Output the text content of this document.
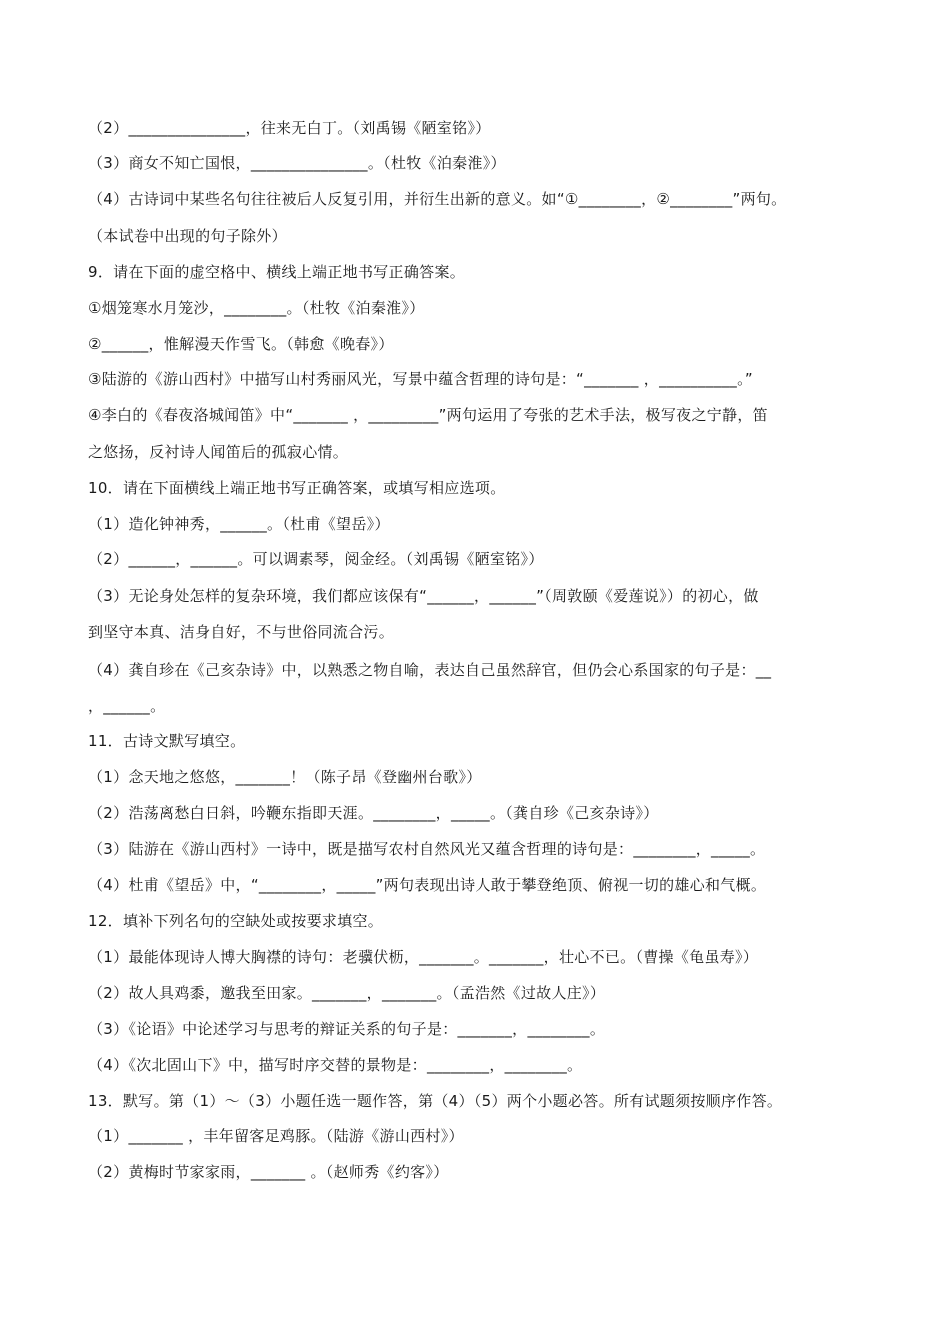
（2）_______________，往来无白丁。（刘禹锡《陋室铭》）
（3）商女不知亡国恨，_______________。（杜牧《泊秦淮》）
（4）古诗词中某些名句往往被后人反复引用，并衍生出新的意义。如“①________，②________”两句。
（本试卷中出现的句子除外）
9．请在下面的虚空格中、横线上端正地书写正确答案。
①烟笼寒水月笼沙，________。（杜牧《泊秦淮》）
②______，惟解漫天作雪飞。（韩愈《晚春》）
③陆游的《游山西村》中描写山村秀丽风光，写景中蕴含哲理的诗句是：“_______ ，__________。”
④李白的《春夜洛城闻笛》中“_______ ，_________”两句运用了夸张的艺术手法，极写夜之宁静，笛
之悠扬，反衬诗人闻笛后的孤寂心情。
10．请在下面横线上端正地书写正确答案，或填写相应选项。
（1）造化钟神秀，______。（杜甫《望岳》）
（2）______，______。可以调素琴，阅金经。（刘禹锡《陋室铭》）
（3）无论身处怎样的复杂环境，我们都应该保有“______，______”（周敦颐《爱莲说》）的初心，做
到坚守本真、洁身自好，不与世俗同流合污。
（4）龚自珍在《己亥杂诗》中，以熟悉之物自喻，表达自己虽然辞官，但仍会心系国家的句子是：__
，______。
11．古诗文默写填空。
（1）念天地之悠悠，_______！（陈子昂《登幽州台歌》）
（2）浩荡离愁白日斜，吟鞭东指即天涯。________，_____。（龚自珍《己亥杂诗》）
（3）陆游在《游山西村》一诗中，既是描写农村自然风光又蕴含哲理的诗句是：________，_____。
（4）杜甫《望岳》中，“________，_____”两句表现出诗人敢于攀登绝顶、俯视一切的雄心和气概。
12．填补下列名句的空缺处或按要求填空。
（1）最能体现诗人博大胸襟的诗句：老骥伏枥，_______。_______，壮心不已。（曹操《龟虽寿》）
（2）故人具鸡黍，邀我至田家。_______，_______。（孟浩然《过故人庄》）
（3）《论语》中论述学习与思考的辩证关系的句子是：_______，________。
（4）《次北固山下》中，描写时序交替的景物是：________，________。
13．默写。第（1）～（3）小题任选一题作答，第（4）（5）两个小题必答。所有试题须按顺序作答。
（1）_______ ，丰年留客足鸡豚。（陆游《游山西村》）
（2）黄梅时节家家雨，_______ 。（赵师秀《约客》）
